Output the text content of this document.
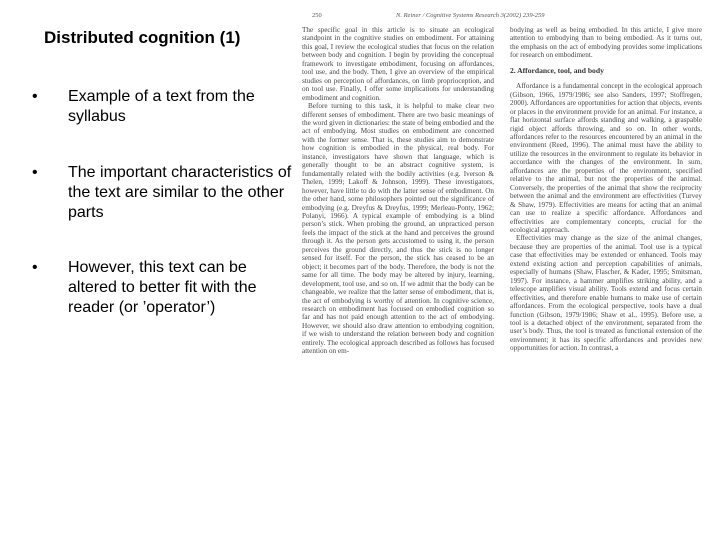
Distributed cognition (1)
• Example of a text from the syllabus
• The important characteristics of the text are similar to the other parts
• However, this text can be altered to better fit with the reader (or ’operator’)
250	N. Reiner / Cognitive Systems Research 3(2002) 239-259

The specific goal in this article is to situate an ecological standpoint in the cognitive studies on embodiment. For attaining this goal, I review the ecological studies that focus on the relation between body and cognition. I begin by providing the conceptual framework to investigate embodiment, focusing on affordances, tool use, and the body. Then, I give an overview of the empirical studies on perception of affordances, on limb proprioception, and on tool use. Finally, I offer some implications for understanding embodiment and cognition.

Before turning to this task, it is helpful to make clear two different senses of embodiment. There are two basic meanings of the word given in dictionaries: the state of being embodied and the act of embodying. Most studies on embodiment are concerned with the former sense. That is, these studies aim to demonstrate how cognition is embodied in the physical, real body. For instance, investigators have shown that language, which is generally thought to be an abstract cognitive system, is fundamentally related with the bodily activities (e.g. Iverson & Thelen, 1999; Lakoff & Johnson, 1999). These investigators, however, have little to do with the latter sense of embodiment. On the other hand, some philosophers pointed out the significance of embodying (e.g. Dreyfus & Dreyfus, 1999; Merleau-Ponty, 1962; Polanyi, 1966). A typical example of embodying is a blind person’s stick. When probing the ground, an unpracticed person feels the impact of the stick at the hand and perceives the ground through it. As the person gets accustomed to using it, the person perceives the ground directly, and thus the stick is no longer sensed for itself. For the person, the stick has ceased to be an object; it becomes part of the body. Therefore, the body is not the same for all time. The body may be altered by injury, learning, development, tool use, and so on. If we admit that the body can be changeable, we realize that the latter sense of embodiment, that is, the act of embodying is worthy of attention. In cognitive science, research on embodiment has focused on embodied cognition so far and has not paid enough attention to the act of embodying. However, we should also draw attention to embodying cognition, if we wish to understand the relation between body and cognition entirely. The ecological approach described as follows has focused attention on em-

bodying as well as being embodied. In this article, I give more attention to embodying than to being embodied. As it turns out, the emphasis on the act of embodying provides some implications for research on embodiment.

2. Affordance, tool, and body

Affordance is a fundamental concept in the ecological approach (Gibson, 1966, 1979/1986; see also Sanders, 1997; Stoffregen, 2000). Affordances are opportunities for action that objects, events or places in the environment provide for an animal. For instance, a flat horizontal surface affords standing and walking, a graspable rigid object affords throwing, and so on. In other words, affordances refer to the resources encountered by an animal in the environment (Reed, 1996). The animal must have the ability to utilize the resources in the environment to regulate its behavior in accordance with the changes of the environment. In sum, affordances are the properties of the environment, specified relative to the animal, but not the properties of the animal. Conversely, the properties of the animal that show the reciprocity between the animal and the environment are effectivities (Turvey & Shaw, 1979). Effectivities are means for acting that an animal can use to realize a specific affordance. Affordances and effectivities are complementary concepts, crucial for the ecological approach.

Effectivities may change as the size of the animal changes, because they are properties of the animal. Tool use is a typical case that effectivities may be extended or enhanced. Tools may extend existing action and perception capabilities of animals, especially of humans (Shaw, Flascher, & Kader, 1995; Smitsman, 1997). For instance, a hammer amplifies striking ability, and a telescope amplifies visual ability. Tools extend and focus certain effectivities, and therefore enable humans to make use of certain affordances. From the ecological perspective, tools have a dual function (Gibson, 1979/1986; Shaw et al., 1995). Before use, a tool is a detached object of the environment, separated from the user’s body. Thus, the tool is treated as functional extension of the environment; it has its specific affordances and provides new opportunities for action. In contrast, a
